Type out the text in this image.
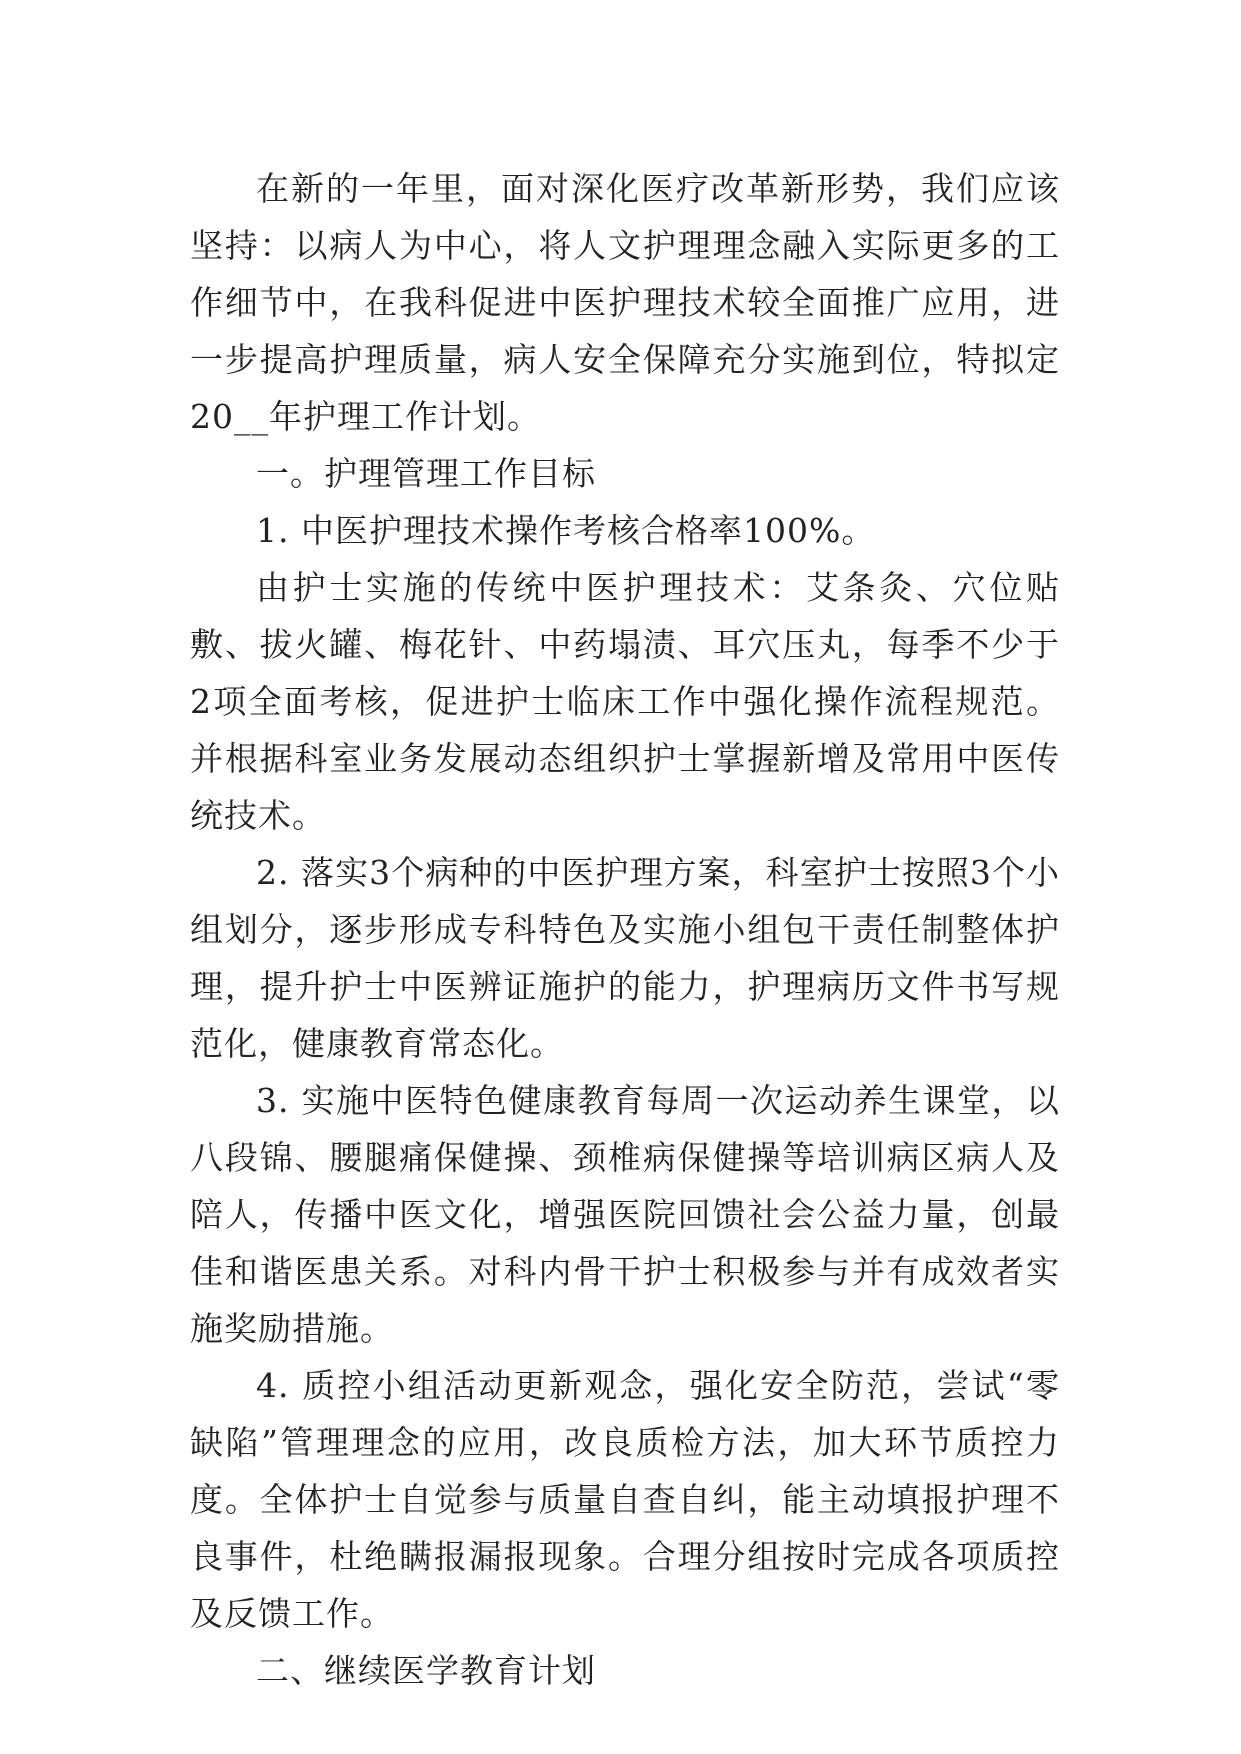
在新的一年里，面对深化医疗改革新形势，我们应该坚持：以病人为中心，将人文护理理念融入实际更多的工作细节中，在我科促进中医护理技术较全面推广应用，进一步提高护理质量，病人安全保障充分实施到位，特拟定20__年护理工作计划。

一。护理管理工作目标

1. 中医护理技术操作考核合格率100%。

由护士实施的传统中医护理技术：艾条灸、穴位贴敷、拔火罐、梅花针、中药塌渍、耳穴压丸，每季不少于2项全面考核，促进护士临床工作中强化操作流程规范。并根据科室业务发展动态组织护士掌握新增及常用中医传统技术。

2. 落实3个病种的中医护理方案，科室护士按照3个小组划分，逐步形成专科特色及实施小组包干责任制整体护理，提升护士中医辨证施护的能力，护理病历文件书写规范化，健康教育常态化。

3. 实施中医特色健康教育每周一次运动养生课堂，以八段锦、腰腿痛保健操、颈椎病保健操等培训病区病人及陪人，传播中医文化，增强医院回馈社会公益力量，创最佳和谐医患关系。对科内骨干护士积极参与并有成效者实施奖励措施。

4. 质控小组活动更新观念，强化安全防范，尝试“零缺陷”管理理念的应用，改良质检方法，加大环节质控力度。全体护士自觉参与质量自查自纠，能主动填报护理不良事件，杜绝瞒报漏报现象。合理分组按时完成各项质控及反馈工作。

二、继续医学教育计划
